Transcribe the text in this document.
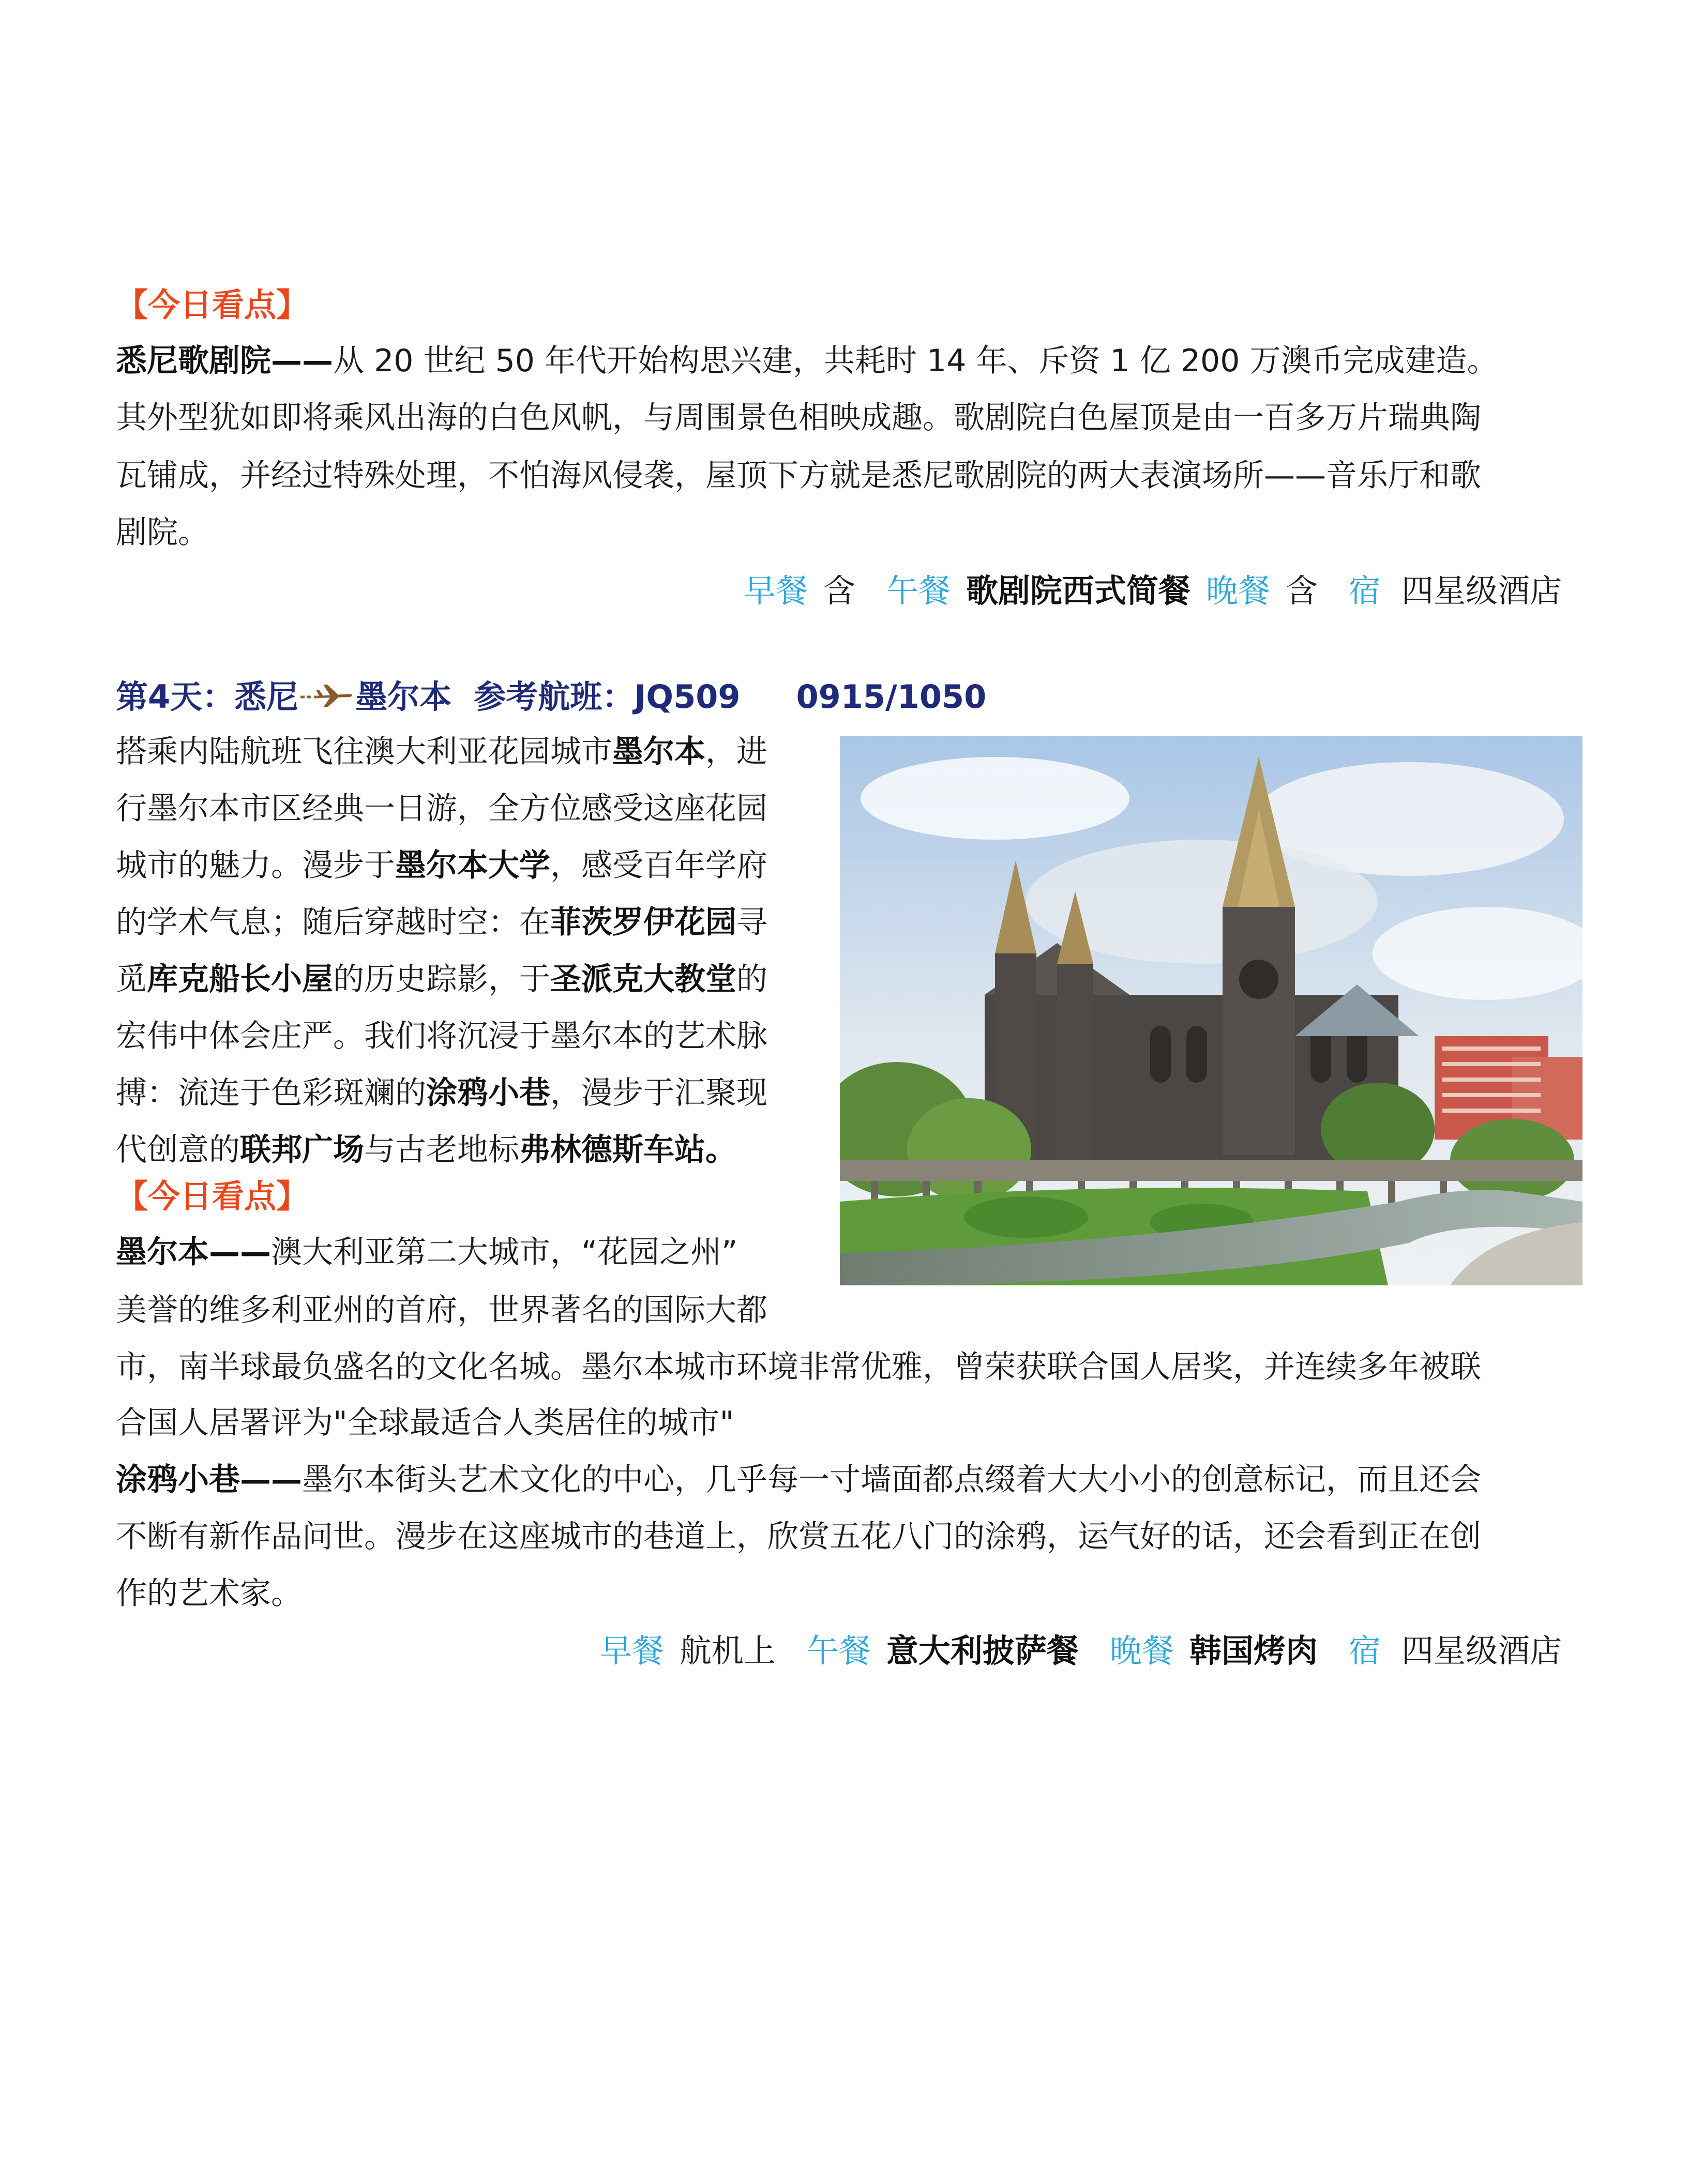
【今日看点】
悉尼歌剧院——从 20 世纪 50 年代开始构思兴建，共耗时 14 年、斥资 1 亿 200 万澳币完成建造。
其外型犹如即将乘风出海的白色风帆，与周围景色相映成趣。歌剧院白色屋顶是由一百多万片瑞典陶
瓦铺成，并经过特殊处理，不怕海风侵袭，屋顶下方就是悉尼歌剧院的两大表演场所——音乐厅和歌
剧院。
早餐 含 午餐 歌剧院西式简餐 晚餐 含 宿 四星级酒店
第4天：悉尼 墨尔本  参考航班：JQ509 0915/1050
搭乘内陆航班飞往澳大利亚花园城市墨尔本，进
行墨尔本市区经典一日游，全方位感受这座花园
城市的魅力。漫步于墨尔本大学，感受百年学府
的学术气息；随后穿越时空：在菲茨罗伊花园寻
觅库克船长小屋的历史踪影，于圣派克大教堂的
宏伟中体会庄严。我们将沉浸于墨尔本的艺术脉
搏：流连于色彩斑斓的涂鸦小巷，漫步于汇聚现
代创意的联邦广场与古老地标弗林德斯车站。
【今日看点】
墨尔本——澳大利亚第二大城市，“花园之州”
美誉的维多利亚州的首府，世界著名的国际大都
市，南半球最负盛名的文化名城。墨尔本城市环境非常优雅，曾荣获联合国人居奖，并连续多年被联
合国人居署评为"全球最适合人类居住的城市"
涂鸦小巷——墨尔本街头艺术文化的中心，几乎每一寸墙面都点缀着大大小小的创意标记，而且还会
不断有新作品问世。漫步在这座城市的巷道上，欣赏五花八门的涂鸦，运气好的话，还会看到正在创
作的艺术家。
早餐 航机上 午餐 意大利披萨餐 晚餐 韩国烤肉 宿 四星级酒店
